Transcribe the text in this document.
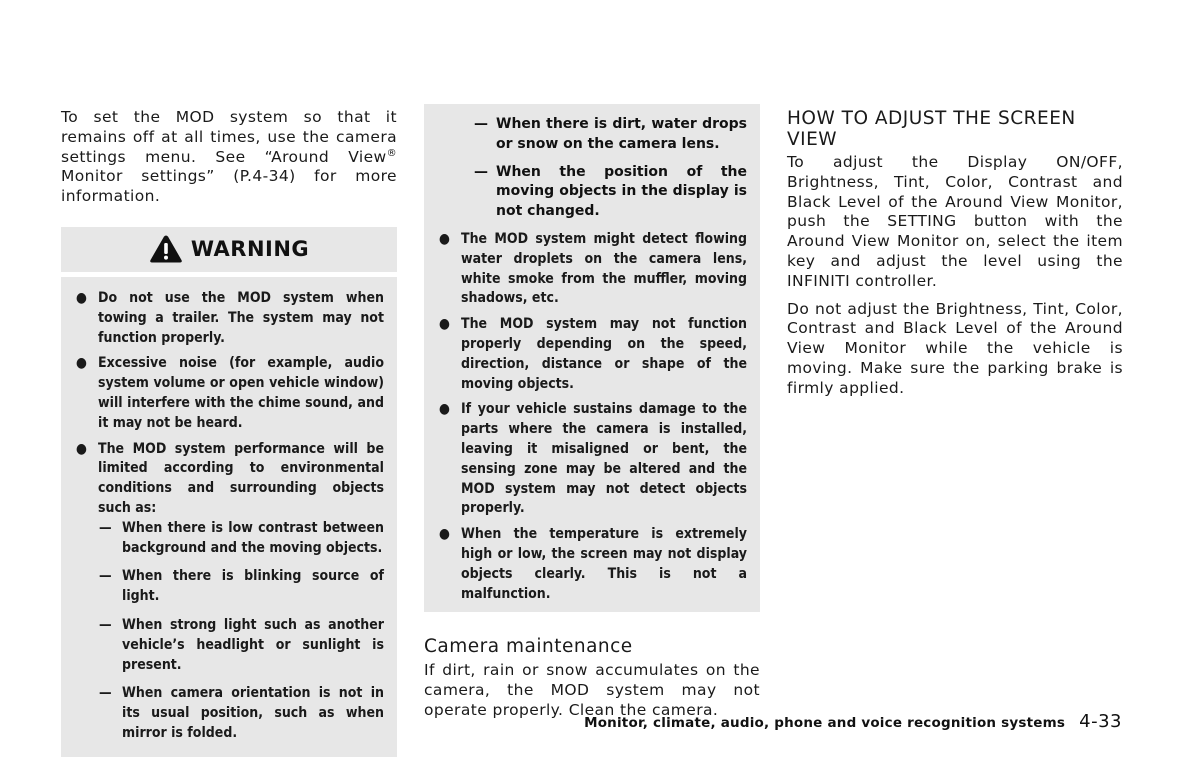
To set the MOD system so that it remains off at all times, use the camera settings menu. See “Around View® Monitor settings” (P.4-34) for more information.

WARNING
● Do not use the MOD system when towing a trailer. The system may not function properly.
● Excessive noise (for example, audio system volume or open vehicle window) will interfere with the chime sound, and it may not be heard.
● The MOD system performance will be limited according to environmental conditions and surrounding objects such as:
— When there is low contrast between background and the moving objects.
— When there is blinking source of light.
— When strong light such as another vehicle’s headlight or sunlight is present.
— When camera orientation is not in its usual position, such as when mirror is folded.
— When there is dirt, water drops or snow on the camera lens.
— When the position of the moving objects in the display is not changed.
● The MOD system might detect flowing water droplets on the camera lens, white smoke from the muffler, moving shadows, etc.
● The MOD system may not function properly depending on the speed, direction, distance or shape of the moving objects.
● If your vehicle sustains damage to the parts where the camera is installed, leaving it misaligned or bent, the sensing zone may be altered and the MOD system may not detect objects properly.
● When the temperature is extremely high or low, the screen may not display objects clearly. This is not a malfunction.
Camera maintenance

If dirt, rain or snow accumulates on the camera, the MOD system may not operate properly. Clean the camera.

HOW TO ADJUST THE SCREEN VIEW

To adjust the Display ON/OFF, Brightness, Tint, Color, Contrast and Black Level of the Around View Monitor, push the SETTING button with the Around View Monitor on, select the item key and adjust the level using the INFINITI controller.

Do not adjust the Brightness, Tint, Color, Contrast and Black Level of the Around View Monitor while the vehicle is moving. Make sure the parking brake is firmly applied.

Monitor, climate, audio, phone and voice recognition systems 4-33
